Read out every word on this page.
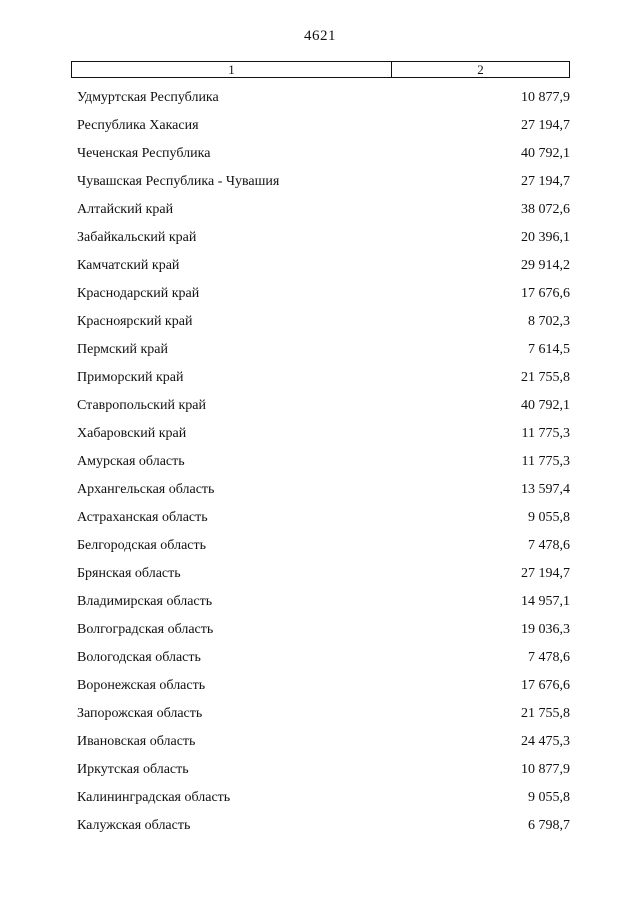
4621
1	2
Удмуртская Республика	10 877,9
Республика Хакасия	27 194,7
Чеченская Республика	40 792,1
Чувашская Республика - Чувашия	27 194,7
Алтайский край	38 072,6
Забайкальский край	20 396,1
Камчатский край	29 914,2
Краснодарский край	17 676,6
Красноярский край	8 702,3
Пермский край	7 614,5
Приморский край	21 755,8
Ставропольский край	40 792,1
Хабаровский край	11 775,3
Амурская область	11 775,3
Архангельская область	13 597,4
Астраханская область	9 055,8
Белгородская область	7 478,6
Брянская область	27 194,7
Владимирская область	14 957,1
Волгоградская область	19 036,3
Вологодская область	7 478,6
Воронежская область	17 676,6
Запорожская область	21 755,8
Ивановская область	24 475,3
Иркутская область	10 877,9
Калининградская область	9 055,8
Калужская область	6 798,7
